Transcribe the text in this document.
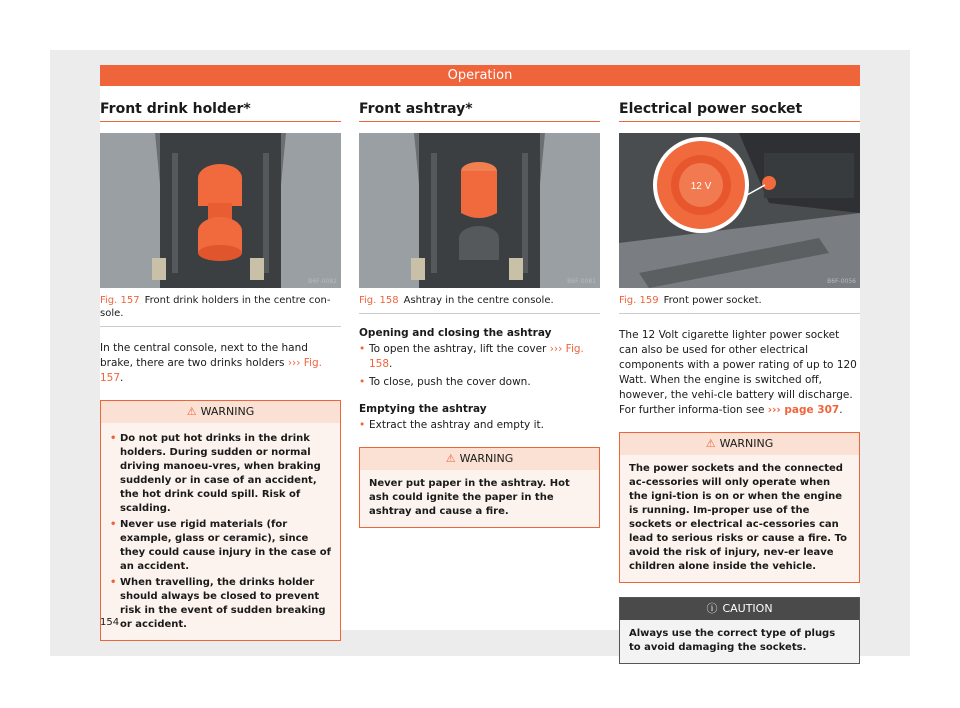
Operation
Front drink holder*
B6F-0082
Fig. 157 Front drink holders in the centre con-sole.
In the central console, next to the hand brake, there are two drinks holders ››› Fig. 157.
⚠ WARNING
• Do not put hot drinks in the drink holders. During sudden or normal driving manoeu-vres, when braking suddenly or in case of an accident, the hot drink could spill. Risk of scalding.
• Never use rigid materials (for example, glass or ceramic), since they could cause injury in the case of an accident.
• When travelling, the drinks holder should always be closed to prevent risk in the event of sudden breaking or accident.
Front ashtray*
B6F-0081
Fig. 158 Ashtray in the centre console.
Opening and closing the ashtray
• To open the ashtray, lift the cover ››› Fig. 158.
• To close, push the cover down.
Emptying the ashtray
• Extract the ashtray and empty it.
⚠ WARNING
Never put paper in the ashtray. Hot ash could ignite the paper in the ashtray and cause a fire.
Electrical power socket
12 V
B6F-0056
Fig. 159 Front power socket.
The 12 Volt cigarette lighter power socket can also be used for other electrical components with a power rating of up to 120 Watt. When the engine is switched off, however, the vehi-cle battery will discharge. For further informa-tion see ››› page 307.
⚠ WARNING
The power sockets and the connected ac-cessories will only operate when the igni-tion is on or when the engine is running. Im-proper use of the sockets or electrical ac-cessories can lead to serious risks or cause a fire. To avoid the risk of injury, nev-er leave children alone inside the vehicle.
ⓘ CAUTION
Always use the correct type of plugs to avoid damaging the sockets.
154
